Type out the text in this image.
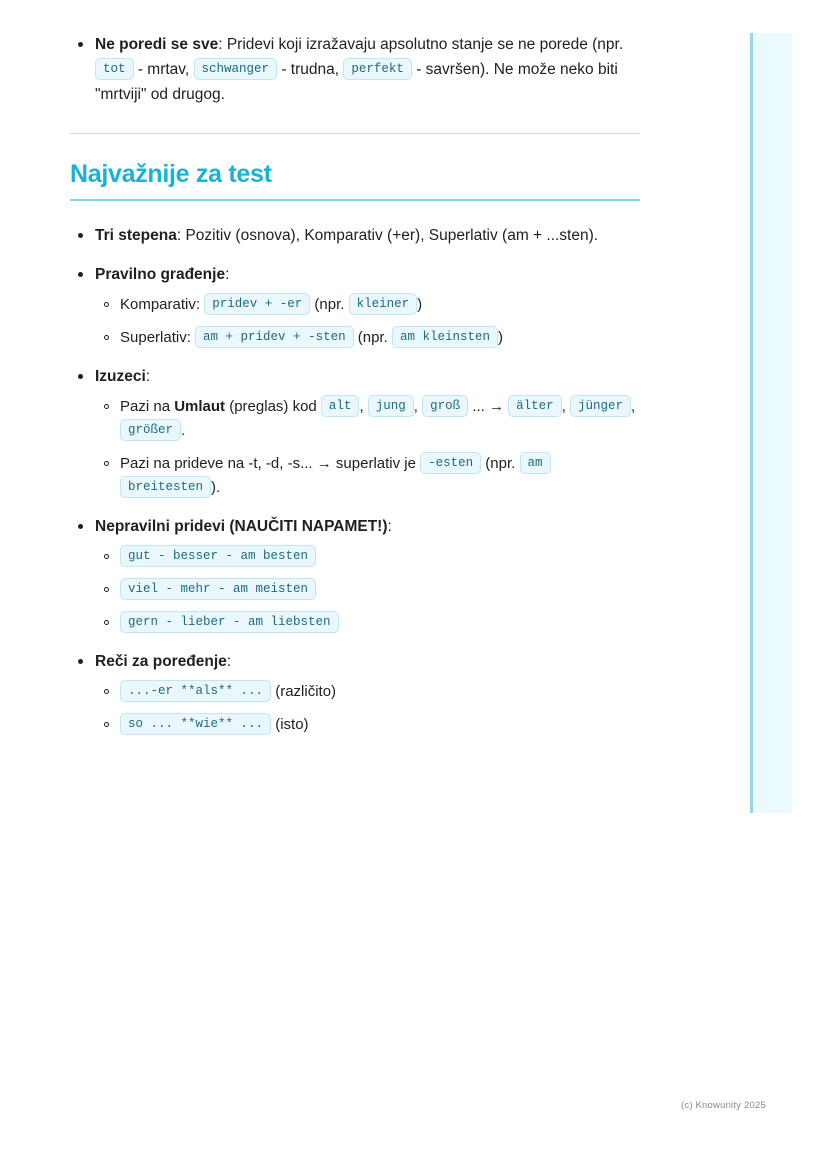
Ne poredi se sve: Pridevi koji izražavaju apsolutno stanje se ne porede (npr. tot - mrtav, schwanger - trudna, perfekt - savršen). Ne može neko biti "mrtviji" od drugog.
Najvažnije za test
Tri stepena: Pozitiv (osnova), Komparativ (+er), Superlativ (am + ...sten).
Pravilno građenje:
Komparativ: pridev + -er (npr. kleiner )
Superlativ: am + pridev + -sten (npr. am kleinsten )
Izuzeci:
Pazi na Umlaut (preglas) kod alt , jung , groß ... → älter , jünger , größer .
Pazi na prideve na -t, -d, -s... → superlativ je -esten (npr. am breitesten ).
Nepravilni pridevi (NAUČITI NAPAMET!):
gut - besser - am besten
viel - mehr - am meisten
gern - lieber - am liebsten
Reči za poređenje:
...-er **als** ... (različito)
so ... **wie** ... (isto)
(c) Knowunity 2025
